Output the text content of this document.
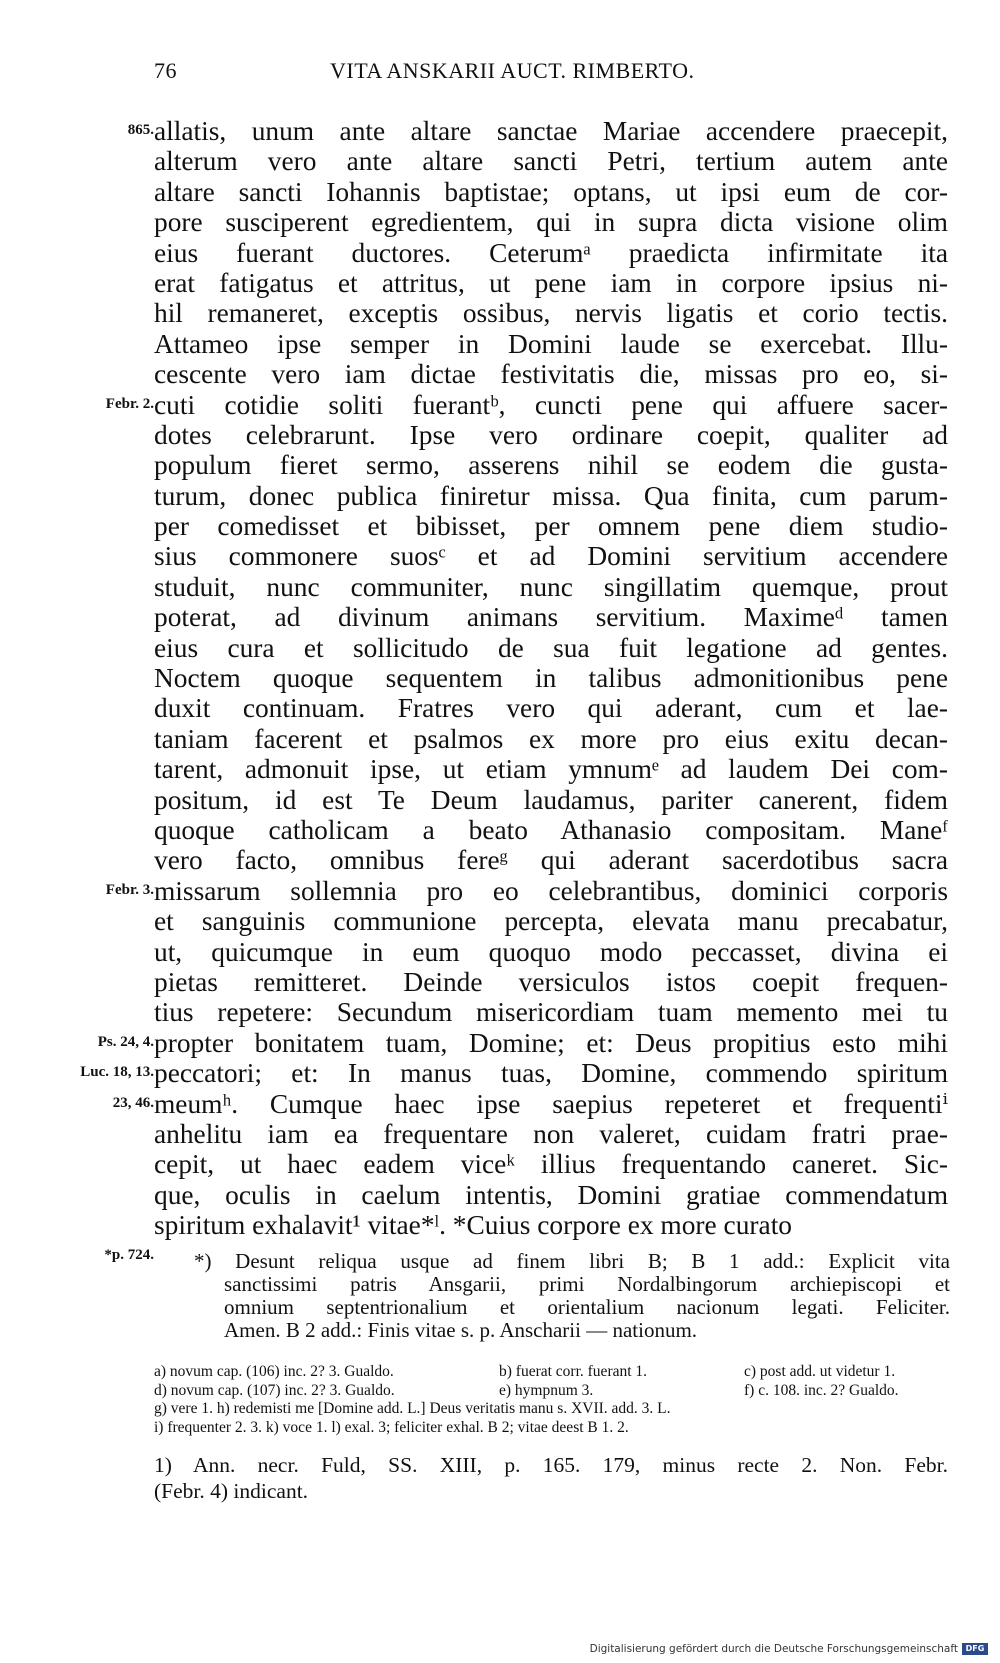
76	VITA ANSKARII AUCT. RIMBERTO.
865.
Febr. 2.
Febr. 3.
Ps. 24, 4.
Luc. 18, 13.
23, 46.
*p. 724.
allatis, unum ante altare sanctae Mariae accendere praecepit,
alterum vero ante altare sancti Petri, tertium autem ante
altare sancti Iohannis baptistae; optans, ut ipsi eum de cor-
pore susciperent egredientem, qui in supra dicta visione olim
eius fuerant ductores. Ceterumᵃ praedicta infirmitate ita
erat fatigatus et attritus, ut pene iam in corpore ipsius ni-
hil remaneret, exceptis ossibus, nervis ligatis et corio tectis.
Attameo ipse semper in Domini laude se exercebat. Illu-
cescente vero iam dictae festivitatis die, missas pro eo, si-
cuti cotidie soliti fuerantᵇ, cuncti pene qui affuere sacer-
dotes celebrarunt. Ipse vero ordinare coepit, qualiter ad
populum fieret sermo, asserens nihil se eodem die gusta-
turum, donec publica finiretur missa. Qua finita, cum parum-
per comedisset et bibisset, per omnem pene diem studio-
sius commonere suosᶜ et ad Domini servitium accendere
studuit, nunc communiter, nunc singillatim quemque, prout
poterat, ad divinum animans servitium. Maximeᵈ tamen
eius cura et sollicitudo de sua fuit legatione ad gentes.
Noctem quoque sequentem in talibus admonitionibus pene
duxit continuam. Fratres vero qui aderant, cum et lae-
taniam facerent et psalmos ex more pro eius exitu decan-
tarent, admonuit ipse, ut etiam ymnumᵉ ad laudem Dei com-
positum, id est Te Deum laudamus, pariter canerent, fidem
quoque catholicam a beato Athanasio compositam. Maneᶠ
vero facto, omnibus fereᵍ qui aderant sacerdotibus sacra
missarum sollemnia pro eo celebrantibus, dominici corporis
et sanguinis communione percepta, elevata manu precabatur,
ut, quicumque in eum quoquo modo peccasset, divina ei
pietas remitteret. Deinde versiculos istos coepit frequen-
tius repetere: Secundum misericordiam tuam memento mei tu
propter bonitatem tuam, Domine; et: Deus propitius esto mihi
peccatori; et: In manus tuas, Domine, commendo spiritum
meumʰ. Cumque haec ipse saepius repeteret et frequentiⁱ
anhelitu iam ea frequentare non valeret, cuidam fratri prae-
cepit, ut haec eadem viceᵏ illius frequentando caneret. Sic-
que, oculis in caelum intentis, Domini gratiae commendatum
spiritum exhalavit¹ vitae*ˡ. *Cuius corpore ex more curato
*) Desunt reliqua usque ad finem libri B; B 1 add.: Explicit vita
sanctissimi patris Ansgarii, primi Nordalbingorum archiepiscopi et
omnium septentrionalium et orientalium nacionum legati. Feliciter.
Amen. B 2 add.: Finis vitae s. p. Anscharii — nationum.
a) novum cap. (106) inc. 2? 3. Gualdo.	b) fuerat corr. fuerant 1.	c) post add. ut videtur 1.
d) novum cap. (107) inc. 2? 3. Gualdo.	e) hympnum 3.	f) c. 108. inc. 2? Gualdo.
g) vere 1. h) redemisti me [Domine add. L.] Deus veritatis manu s. XVII. add. 3. L.
i) frequenter 2. 3. k) voce 1. l) exal. 3; feliciter exhal. B 2; vitae deest B 1. 2.
1) Ann. necr. Fuld, SS. XIII, p. 165. 179, minus recte 2. Non. Febr.
(Febr. 4) indicant.
Digitalisierung gefördert durch die Deutsche Forschungsgemeinschaft DFG
